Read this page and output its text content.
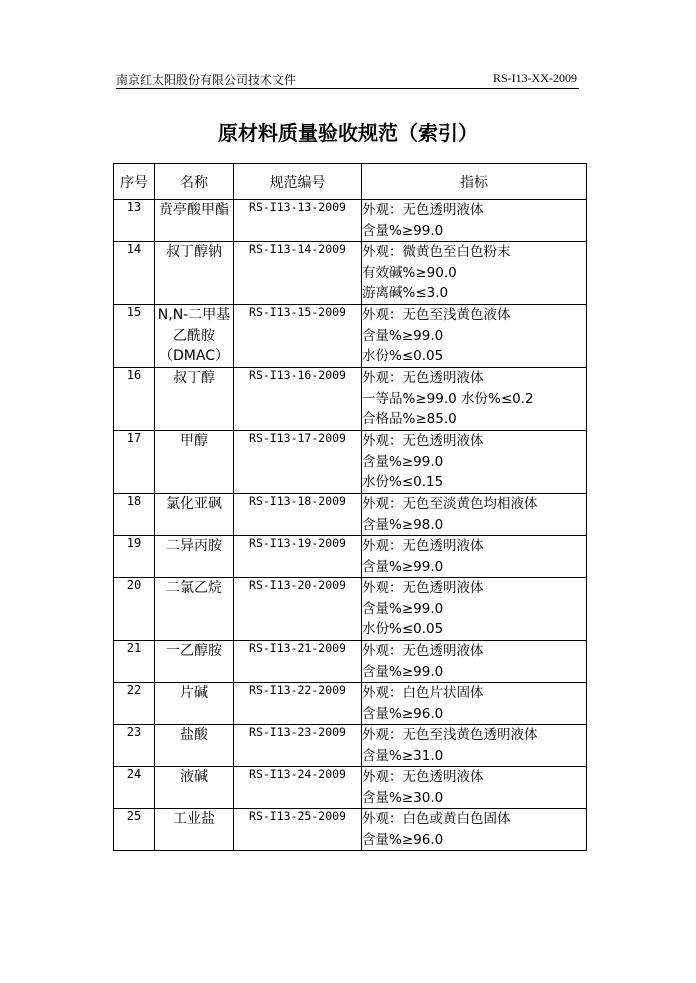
南京红太阳股份有限公司技术文件	RS-I13-XX-2009
原材料质量验收规范（索引）
序号	名称	规范编号	指标
13	贲亭酸甲酯	RS-I13-13-2009	外观：无色透明液体
含量%≥99.0

14	叔丁醇钠	RS-I13-14-2009	外观：微黄色至白色粉末
有效碱%≥90.0
游离碱%≤3.0

15	N,N-二甲基乙酰胺（DMAC）	RS-I13-15-2009	外观：无色至浅黄色液体
含量%≥99.0
水份%≤0.05

16	叔丁醇	RS-I13-16-2009	外观：无色透明液体
一等品%≥99.0 水份%≤0.2
合格品%≥85.0

17	甲醇	RS-I13-17-2009	外观：无色透明液体
含量%≥99.0
水份%≤0.15

18	氯化亚砜	RS-I13-18-2009	外观：无色至淡黄色均相液体
含量%≥98.0

19	二异丙胺	RS-I13-19-2009	外观：无色透明液体
含量%≥99.0

20	二氯乙烷	RS-I13-20-2009	外观：无色透明液体
含量%≥99.0
水份%≤0.05

21	一乙醇胺	RS-I13-21-2009	外观：无色透明液体
含量%≥99.0

22	片碱	RS-I13-22-2009	外观：白色片状固体
含量%≥96.0

23	盐酸	RS-I13-23-2009	外观：无色至浅黄色透明液体
含量%≥31.0

24	液碱	RS-I13-24-2009	外观：无色透明液体
含量%≥30.0

25	工业盐	RS-I13-25-2009	外观：白色或黄白色固体
含量%≥96.0
